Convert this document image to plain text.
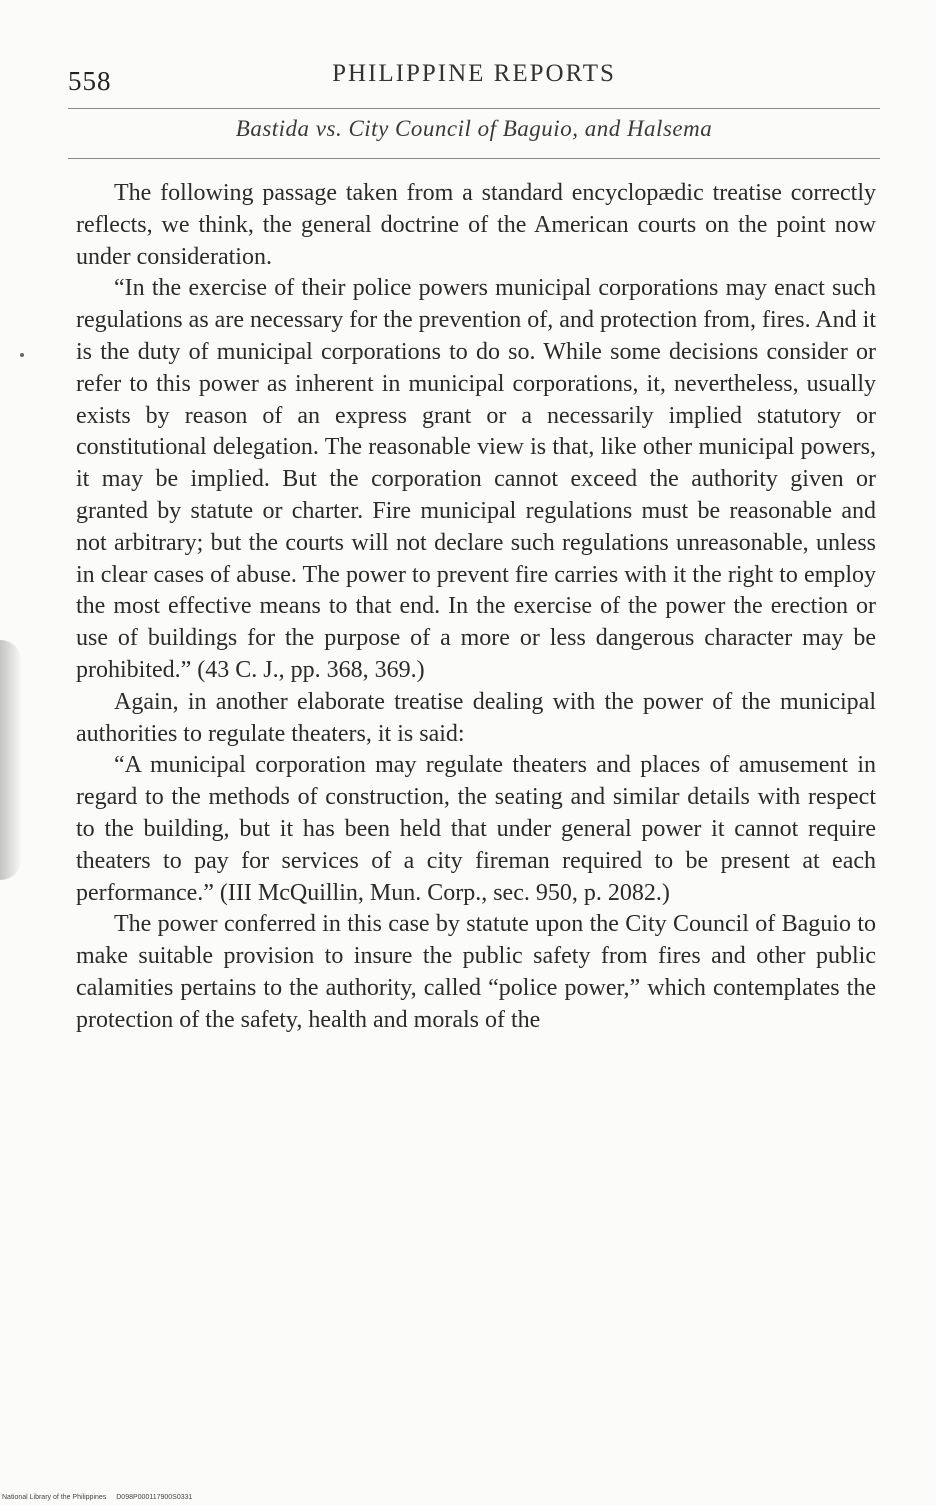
558	PHILIPPINE REPORTS
Bastida vs. City Council of Baguio, and Halsema

The following passage taken from a standard encyclopædic treatise correctly reflects, we think, the general doctrine of the American courts on the point now under consideration.

“In the exercise of their police powers municipal corporations may enact such regulations as are necessary for the prevention of, and protection from, fires. And it is the duty of municipal corporations to do so. While some decisions consider or refer to this power as inherent in municipal corporations, it, nevertheless, usually exists by reason of an express grant or a necessarily implied statutory or constitutional delegation. The reasonable view is that, like other municipal powers, it may be implied. But the corporation cannot exceed the authority given or granted by statute or charter. Fire municipal regulations must be reasonable and not arbitrary; but the courts will not declare such regulations unreasonable, unless in clear cases of abuse. The power to prevent fire carries with it the right to employ the most effective means to that end. In the exercise of the power the erection or use of buildings for the purpose of a more or less dangerous character may be prohibited.” (43 C. J., pp. 368, 369.)

Again, in another elaborate treatise dealing with the power of the municipal authorities to regulate theaters, it is said:

“A municipal corporation may regulate theaters and places of amusement in regard to the methods of construction, the seating and similar details with respect to the building, but it has been held that under general power it cannot require theaters to pay for services of a city fireman required to be present at each performance.” (III McQuillin, Mun. Corp., sec. 950, p. 2082.)

The power conferred in this case by statute upon the City Council of Baguio to make suitable provision to insure the public safety from fires and other public calamities pertains to the authority, called “police power,” which contemplates the protection of the safety, health and morals of the

National Library of the Philippines D098P000117900S0331
